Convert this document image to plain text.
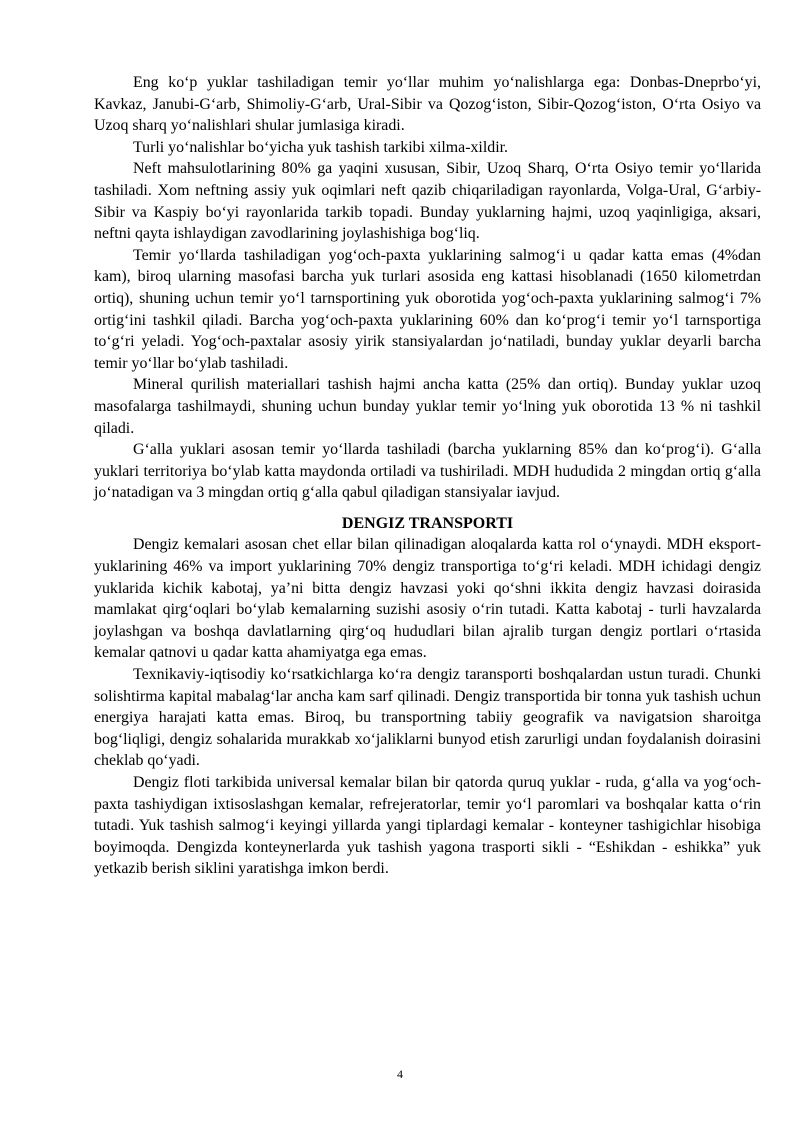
Eng koʻp yuklar tashiladigan temir yoʻllar muhim yoʻnalishlarga ega: Donbas-Dneprboʻyi, Kavkaz, Janubi-Gʻarb, Shimoliy-Gʻarb, Ural-Sibir va Qozogʻiston, Sibir-Qozogʻiston, Oʻrta Osiyo va Uzoq sharq yoʻnalishlari shular jumlasiga kiradi.

Turli yoʻnalishlar boʻyicha yuk tashish tarkibi xilma-xildir.

Neft mahsulotlarining 80% ga yaqini xususan, Sibir, Uzoq Sharq, Oʻrta Osiyo temir yoʻllarida tashiladi. Xom neftning assiy yuk oqimlari neft qazib chiqariladigan rayonlarda, Volga-Ural, Gʻarbiy-Sibir va Kaspiy boʻyi rayonlarida tarkib topadi. Bunday yuklarning hajmi, uzoq yaqinligiga, aksari, neftni qayta ishlaydigan zavodlarining joylashishiga bogʻliq.

Temir yoʻllarda tashiladigan yogʻoch-paxta yuklarining salmogʻi u qadar katta emas (4%dan kam), biroq ularning masofasi barcha yuk turlari asosida eng kattasi hisoblanadi (1650 kilometrdan ortiq), shuning uchun temir yoʻl tarnsportining yuk oborotida yogʻoch-paxta yuklarining salmogʻi 7% ortigʻini tashkil qiladi. Barcha yogʻoch-paxta yuklarining 60% dan koʻprogʻi temir yoʻl tarnsportiga toʻgʻri yeladi. Yogʻoch-paxtalar asosiy yirik stansiyalardan joʻnatiladi, bunday yuklar deyarli barcha temir yoʻllar boʻylab tashiladi.

Mineral qurilish materiallari tashish hajmi ancha katta (25% dan ortiq). Bunday yuklar uzoq masofalarga tashilmaydi, shuning uchun bunday yuklar temir yoʻlning yuk oborotida 13 % ni tashkil qiladi.

Gʻalla yuklari asosan temir yoʻllarda tashiladi (barcha yuklarning 85% dan koʻprogʻi). Gʻalla yuklari territoriya boʻylab katta maydonda ortiladi va tushiriladi. MDH hududida 2 mingdan ortiq gʻalla joʻnatadigan va 3 mingdan ortiq gʻalla qabul qiladigan stansiyalar iavjud.

DENGIZ TRANSPORTI

Dengiz kemalari asosan chet ellar bilan qilinadigan aloqalarda katta rol oʻynaydi. MDH eksport-yuklarining 46% va import yuklarining 70% dengiz transportiga toʻgʻri keladi. MDH ichidagi dengiz yuklarida kichik kabotaj, ya’ni bitta dengiz havzasi yoki qoʻshni ikkita dengiz havzasi doirasida mamlakat qirgʻoqlari boʻylab kemalarning suzishi asosiy oʻrin tutadi. Katta kabotaj - turli havzalarda joylashgan va boshqa davlatlarning qirgʻoq hududlari bilan ajralib turgan dengiz portlari oʻrtasida kemalar qatnovi u qadar katta ahamiyatga ega emas.

Texnikaviy-iqtisodiy koʻrsatkichlarga koʻra dengiz taransporti boshqalardan ustun turadi. Chunki solishtirma kapital mabalagʻlar ancha kam sarf qilinadi. Dengiz transportida bir tonna yuk tashish uchun energiya harajati katta emas. Biroq, bu transportning tabiiy geografik va navigatsion sharoitga bogʻliqligi, dengiz sohalarida murakkab xoʻjaliklarni bunyod etish zarurligi undan foydalanish doirasini cheklab qoʻyadi.

Dengiz floti tarkibida universal kemalar bilan bir qatorda quruq yuklar - ruda, gʻalla va yogʻoch-paxta tashiydigan ixtisoslashgan kemalar, refrejeratorlar, temir yoʻl paromlari va boshqalar katta oʻrin tutadi. Yuk tashish salmogʻi keyingi yillarda yangi tiplardagi kemalar - konteyner tashigichlar hisobiga boyimoqda. Dengizda konteynerlarda yuk tashish yagona trasporti sikli - “Eshikdan - eshikka” yuk yetkazib berish siklini yaratishga imkon berdi.

4
